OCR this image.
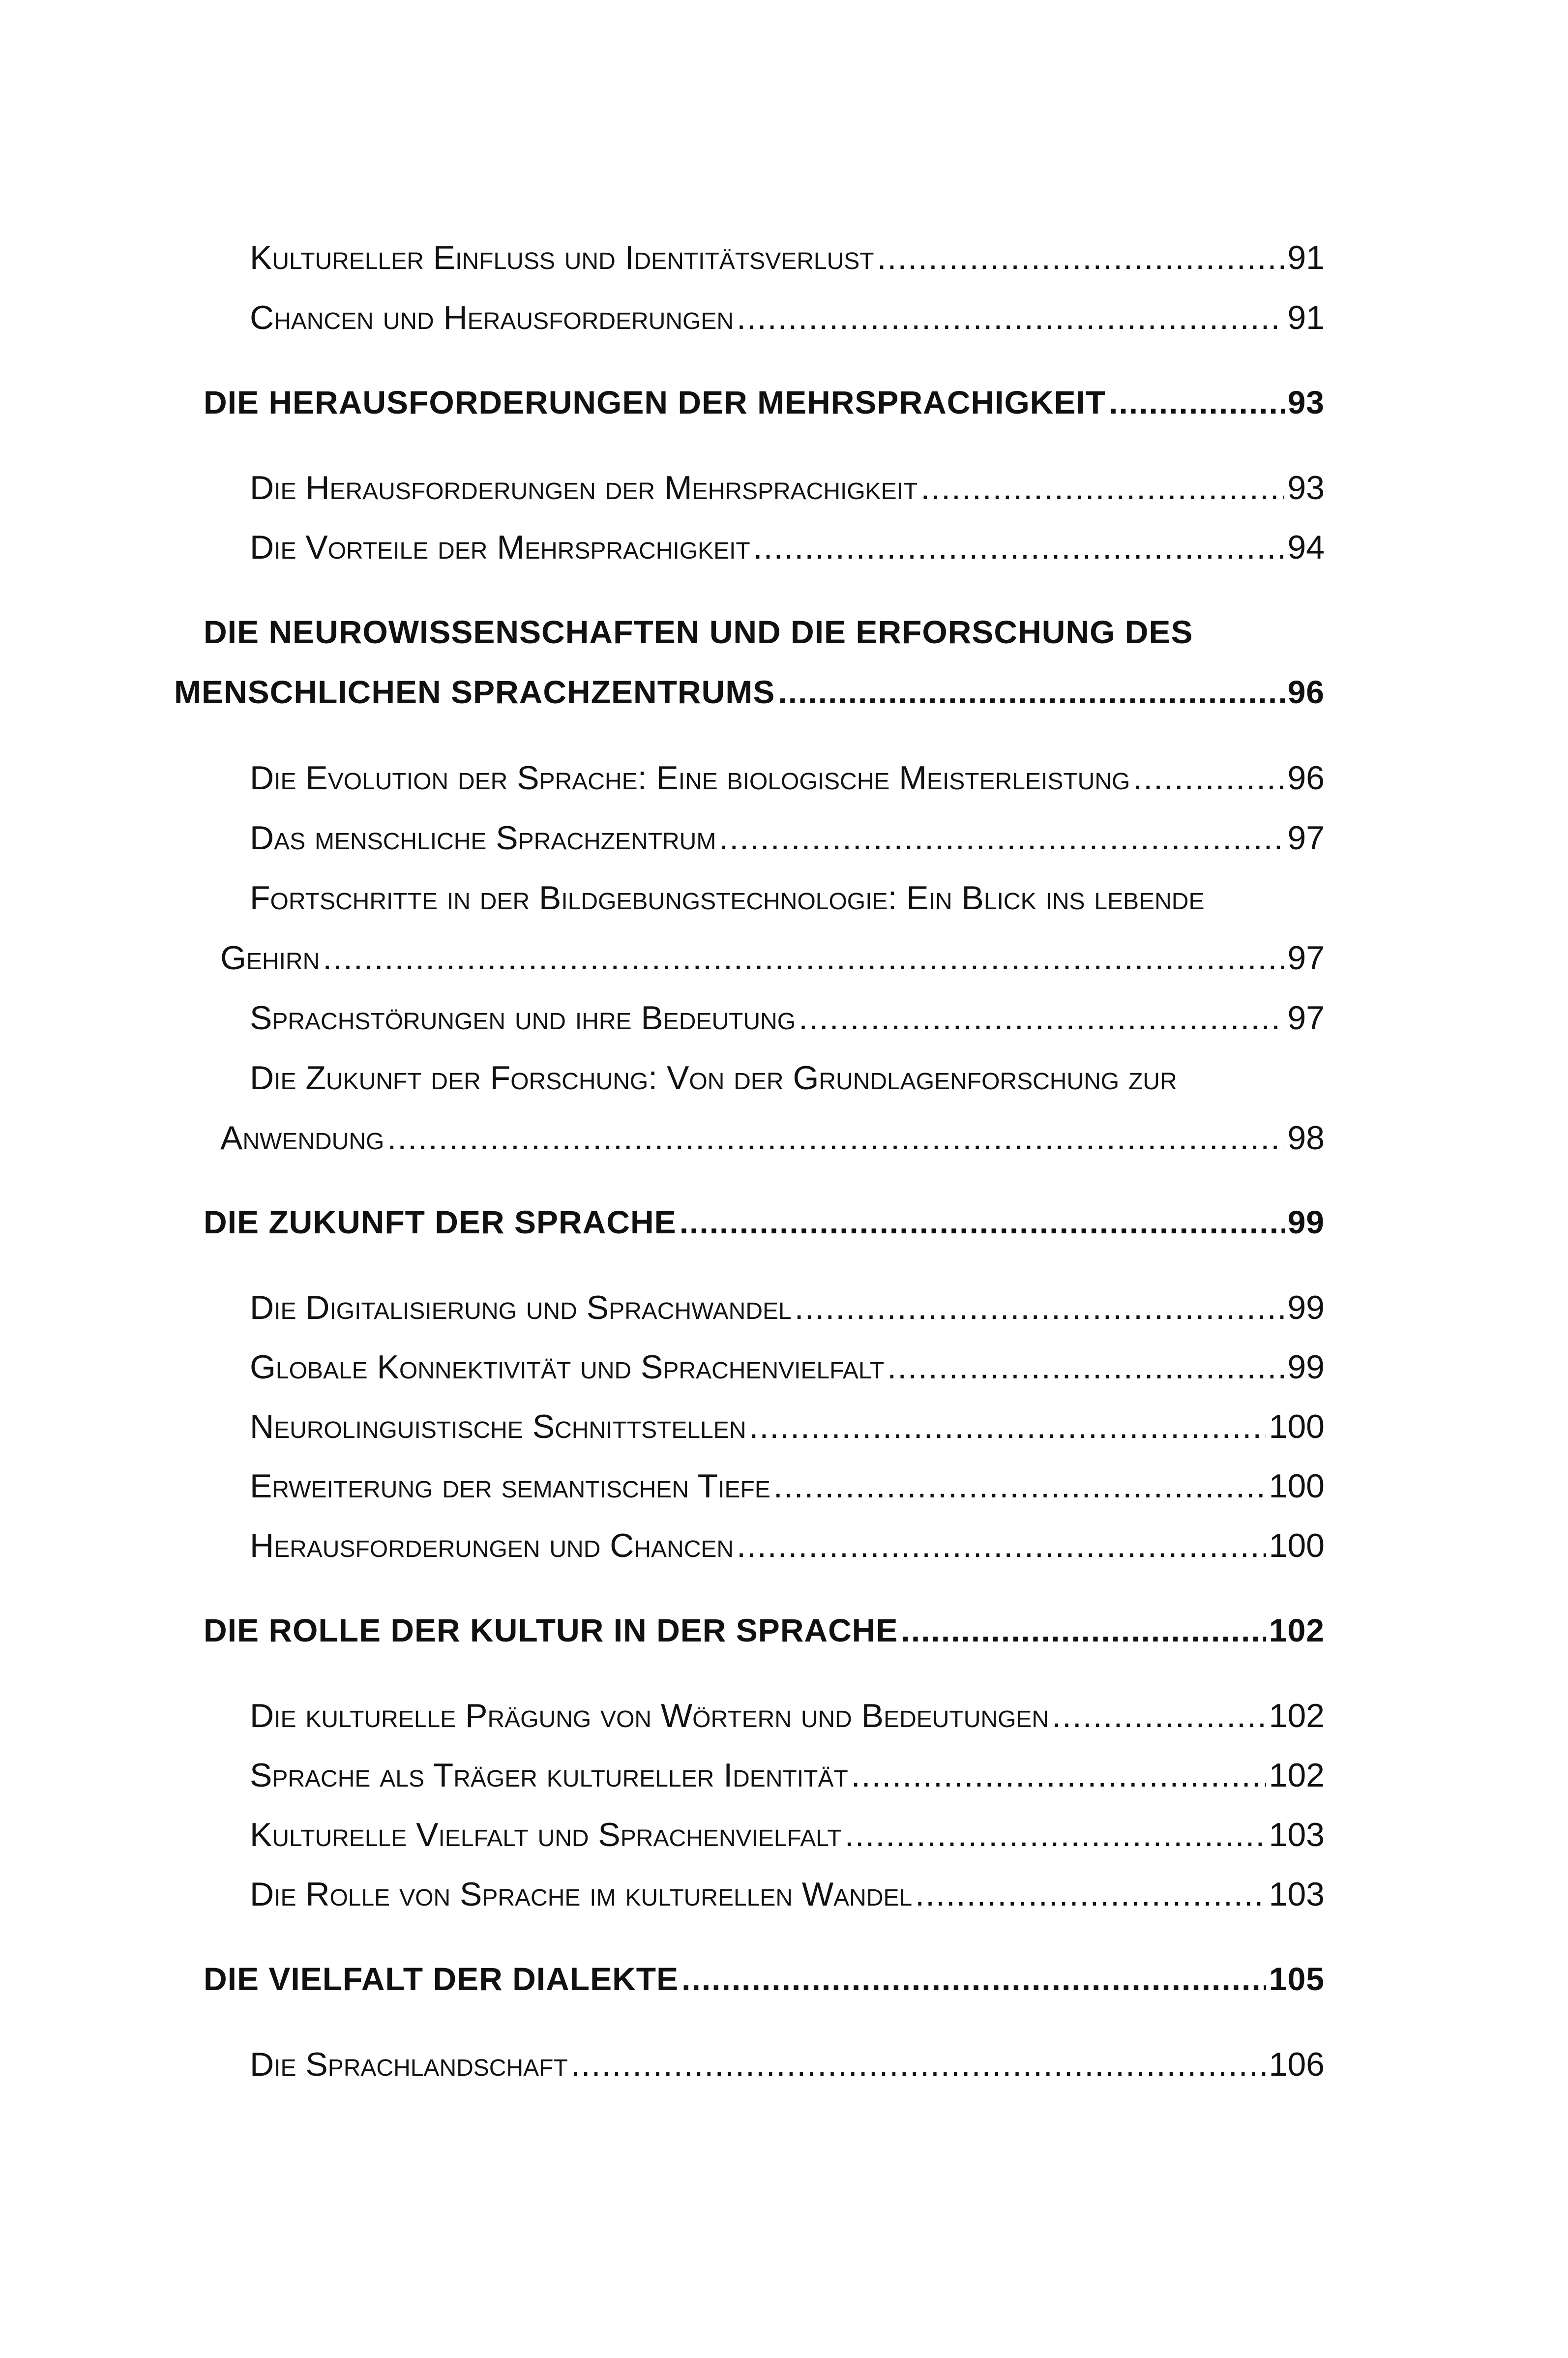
Kultureller Einfluss und Identitätsverlust .....	91
Chancen und Herausforderungen .....	91
DIE HERAUSFORDERUNGEN DER MEHRSPRACHIGKEIT .....	93
Die Herausforderungen der Mehrsprachigkeit .....	93
Die Vorteile der Mehrsprachigkeit .....	94
DIE NEUROWISSENSCHAFTEN UND DIE ERFORSCHUNG DES
MENSCHLICHEN SPRACHZENTRUMS .....	96
Die Evolution der Sprache: Eine biologische Meisterleistung .....	96
Das menschliche Sprachzentrum .....	97
Fortschritte in der Bildgebungstechnologie: Ein Blick ins lebende
Gehirn .....	97
Sprachstörungen und ihre Bedeutung .....	97
Die Zukunft der Forschung: Von der Grundlagenforschung zur
Anwendung .....	98
DIE ZUKUNFT DER SPRACHE .....	99
Die Digitalisierung und Sprachwandel .....	99
Globale Konnektivität und Sprachenvielfalt .....	99
Neurolinguistische Schnittstellen .....	100
Erweiterung der semantischen Tiefe .....	100
Herausforderungen und Chancen .....	100
DIE ROLLE DER KULTUR IN DER SPRACHE .....	102
Die kulturelle Prägung von Wörtern und Bedeutungen .....	102
Sprache als Träger kultureller Identität .....	102
Kulturelle Vielfalt und Sprachenvielfalt .....	103
Die Rolle von Sprache im kulturellen Wandel .....	103
DIE VIELFALT DER DIALEKTE .....	105
Die Sprachlandschaft .....	106
